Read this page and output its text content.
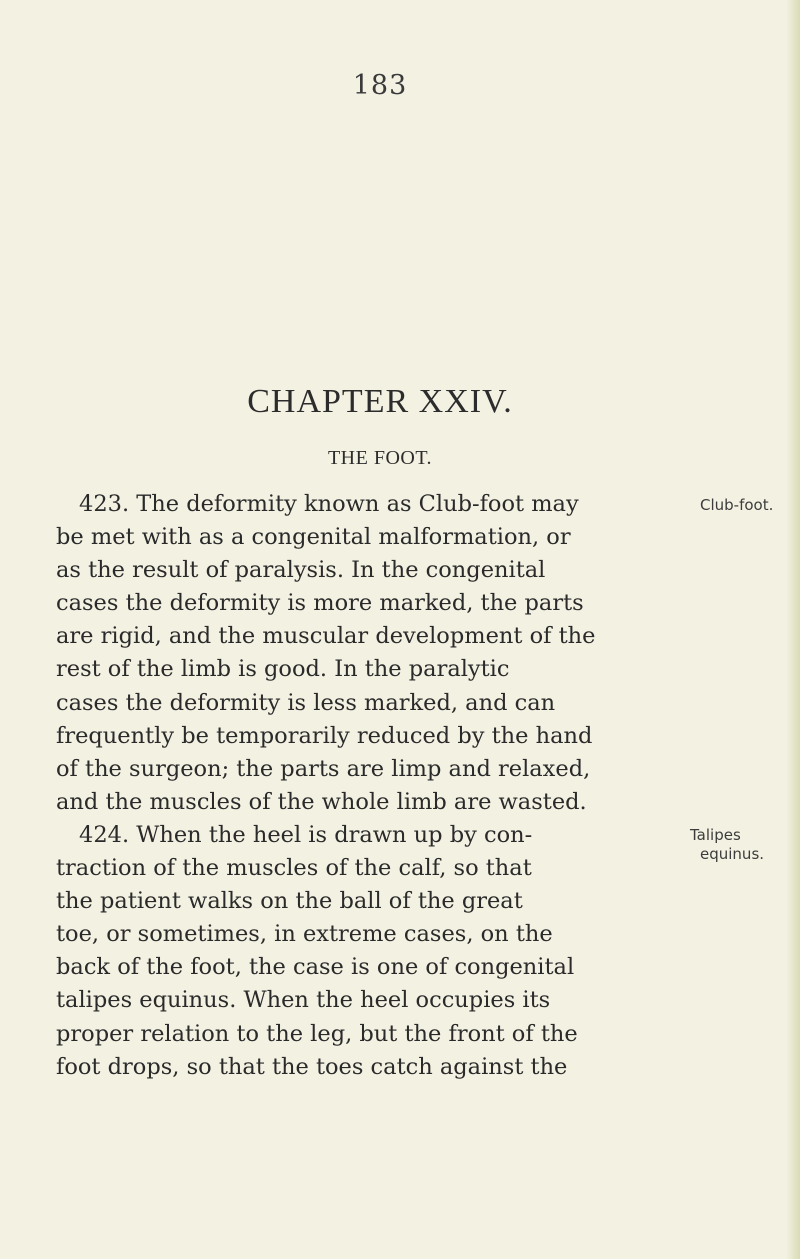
183
CHAPTER XXIV.
THE FOOT.
423. The deformity known as Club-foot may
be met with as a congenital malformation, or
as the result of paralysis. In the congenital
cases the deformity is more marked, the parts
are rigid, and the muscular development of the
rest of the limb is good. In the paralytic
cases the deformity is less marked, and can
frequently be temporarily reduced by the hand
of the surgeon; the parts are limp and relaxed,
and the muscles of the whole limb are wasted.
424. When the heel is drawn up by con-
traction of the muscles of the calf, so that
the patient walks on the ball of the great
toe, or sometimes, in extreme cases, on the
back of the foot, the case is one of congenital
talipes equinus. When the heel occupies its
proper relation to the leg, but the front of the
foot drops, so that the toes catch against the
Club-foot.
Talipes
equinus.
